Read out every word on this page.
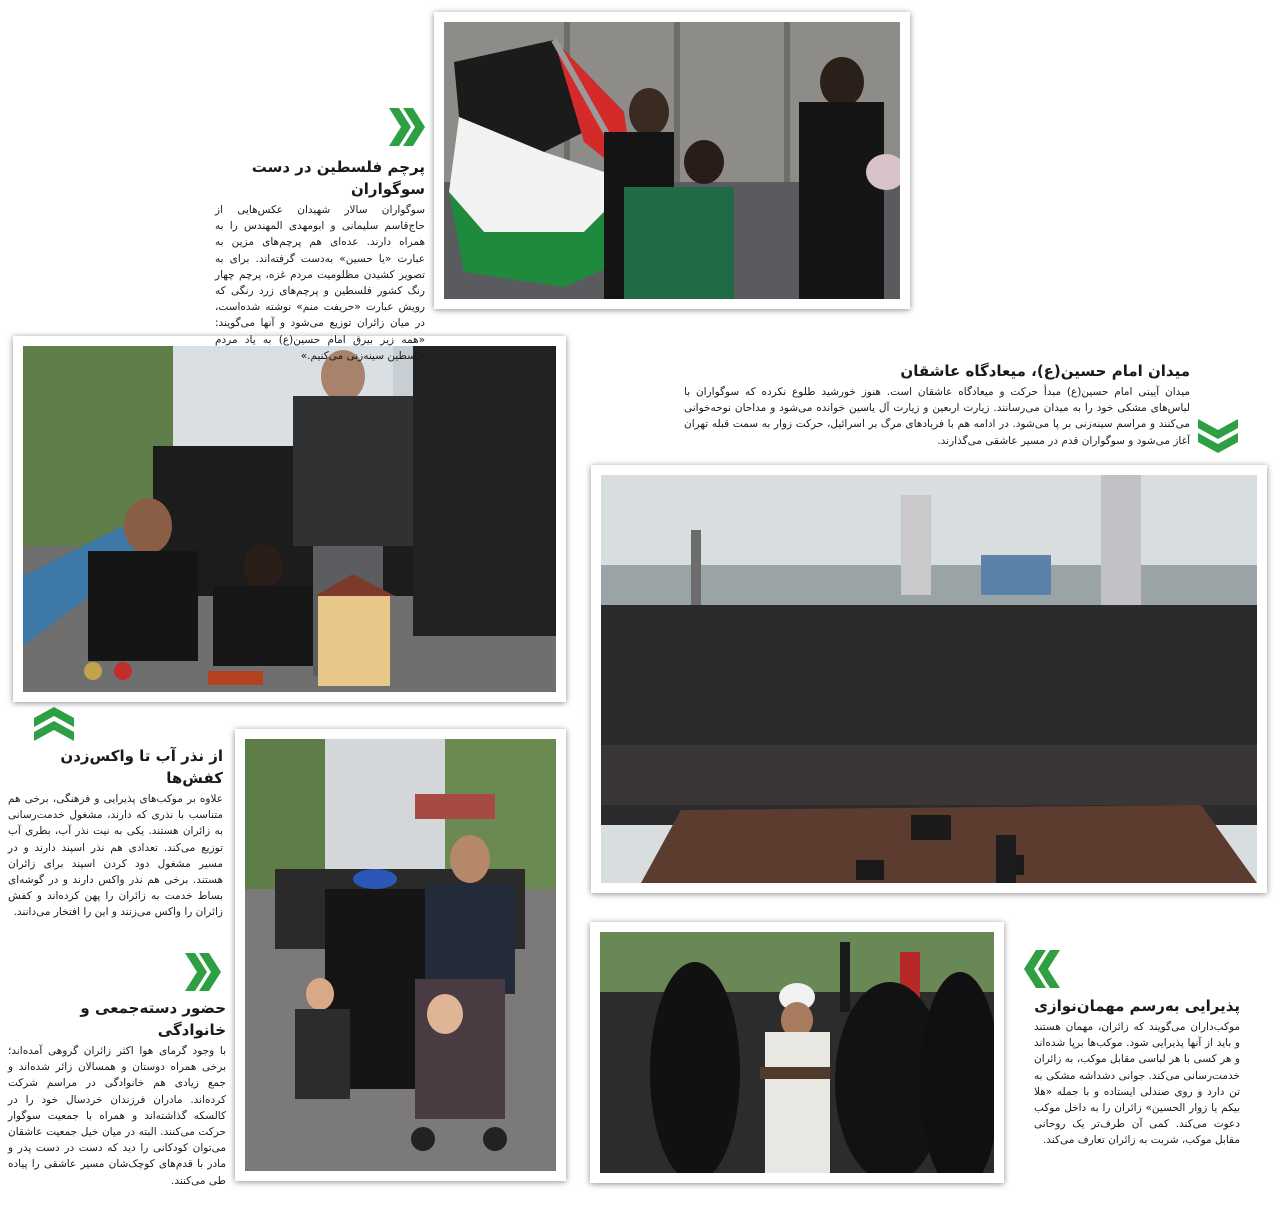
پرچم فلسطین در دست سوگواران

سوگواران سالار شهیدان عکس‌هایی از حاج‌قاسم سلیمانی و ابومهدی المهندس را به همراه دارند. عده‌ای هم پرچم‌های مزین به عبارت «یا حسین» به‌دست گرفته‌اند. برای به تصویر کشیدن مظلومیت مردم غزه، پرچم چهار رنگ کشور فلسطین و پرچم‌های زرد رنگی که رویش عبارت «حریفت منم» نوشته شده‌است، در میان زائران توزیع می‌شود و آنها می‌گویند: «همه زیر بیرق امام حسین(ع) به یاد مردم فلسطین سینه‌زنی می‌کنیم.»

میدان امام حسین(ع)، میعادگاه عاشقان

میدان آیینی امام حسین(ع) مبدأ حرکت و میعادگاه عاشقان است. هنوز خورشید طلوع نکرده که سوگواران با لباس‌های مشکی خود را به میدان می‌رسانند. زیارت اربعین و زیارت آل یاسین خوانده می‌شود و مداحان نوحه‌خوانی می‌کنند و مراسم سینه‌زنی بر پا می‌شود. در ادامه هم با فریادهای مرگ بر اسرائیل، حرکت زوار به سمت قبله تهران آغاز می‌شود و سوگواران قدم در مسیر عاشقی می‌گذارند.

از نذر آب تا واکس‌زدن کفش‌ها

علاوه بر موکب‌های پذیرایی و فرهنگی، برخی هم متناسب با نذری که دارند، مشغول خدمت‌رسانی به زائران هستند. یکی به نیت نذر آب، بطری آب توزیع می‌کند. تعدادی هم نذر اسپند دارند و در مسیر مشغول دود کردن اسپند برای زائران هستند. برخی هم نذر واکس دارند و در گوشه‌ای بساط خدمت به زائران را پهن کرده‌اند و کفش زائران را واکس می‌زنند و این را افتخار می‌دانند.

حضور دسته‌جمعی و خانوادگی

با وجود گرمای هوا اکثر زائران گروهی آمده‌اند؛ برخی همراه دوستان و همسالان زائر شده‌اند و جمع زیادی هم خانوادگی در مراسم شرکت کرده‌اند. مادران فرزندان خردسال خود را در کالسکه گذاشته‌اند و همراه با جمعیت سوگوار حرکت می‌کنند. البته در میان خیل جمعیت عاشقان می‌توان کودکانی را دید که دست در دست پدر و مادر با قدم‌های کوچک‌شان مسیر عاشقی را پیاده طی می‌کنند.

پذیرایی به‌رسم مهمان‌نوازی

موکب‌داران می‌گویند که زائران، مهمان هستند و باید از آنها پذیرایی شود. موکب‌ها برپا شده‌اند و هر کسی با هر لباسی مقابل موکب، به زائران خدمت‌رسانی می‌کند. جوانی دشداشه مشکی به تن دارد و روی صندلی ایستاده و با جمله «هلا بیکم یا زوار الحسین» زائران را به داخل موکب دعوت می‌کند. کمی آن طرف‌تر یک روحانی مقابل موکب، شربت به زائران تعارف می‌کند.
